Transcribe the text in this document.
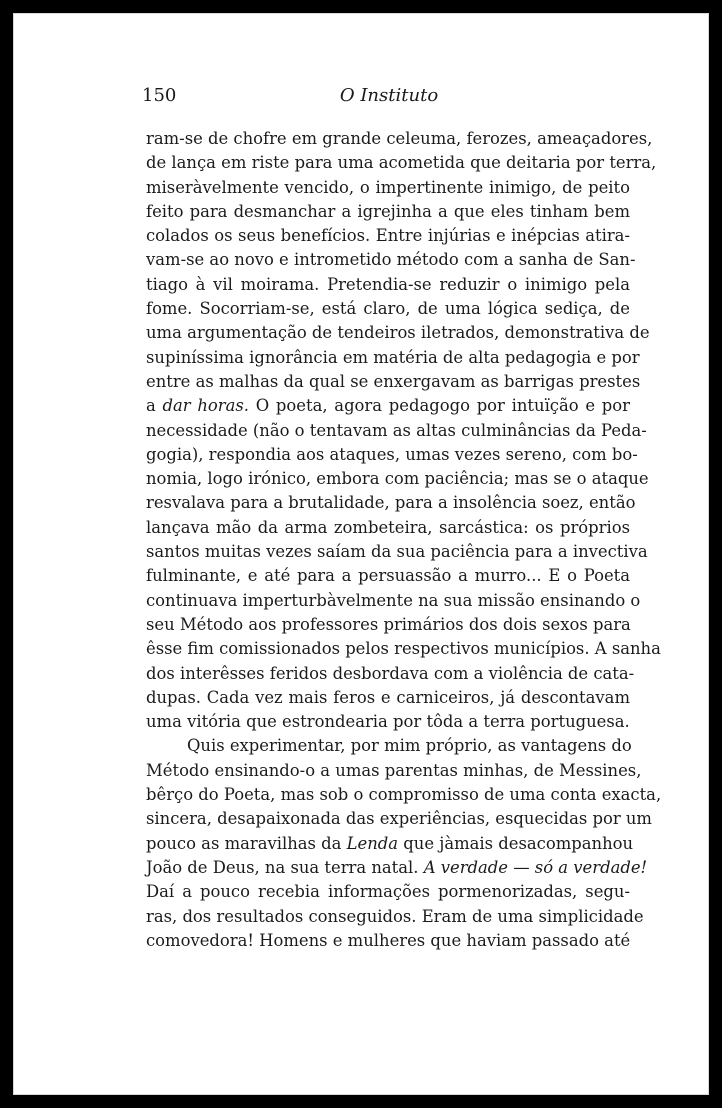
150	O Instituto
ram-se de chofre em grande celeuma, ferozes, ameaçadores,
de lança em riste para uma acometida que deitaria por terra,
miseràvelmente vencido, o impertinente inimigo, de peito
feito para desmanchar a igrejinha a que eles tinham bem
colados os seus benefícios. Entre injúrias e inépcias atira-
vam-se ao novo e intrometido método com a sanha de San-
tiago à vil moirama. Pretendia-se reduzir o inimigo pela
fome. Socorriam-se, está claro, de uma lógica sediça, de
uma argumentação de tendeiros iletrados, demonstrativa de
supiníssima ignorância em matéria de alta pedagogia e por
entre as malhas da qual se enxergavam as barrigas prestes
a dar horas. O poeta, agora pedagogo por intuïção e por
necessidade (não o tentavam as altas culminâncias da Peda-
gogia), respondia aos ataques, umas vezes sereno, com bo-
nomia, logo irónico, embora com paciência; mas se o ataque
resvalava para a brutalidade, para a insolência soez, então
lançava mão da arma zombeteira, sarcástica: os próprios
santos muitas vezes saíam da sua paciência para a invectiva
fulminante, e até para a persuassão a murro... E o Poeta
continuava imperturbàvelmente na sua missão ensinando o
seu Método aos professores primários dos dois sexos para
êsse fim comissionados pelos respectivos municípios. A sanha
dos interêsses feridos desbordava com a violência de cata-
dupas. Cada vez mais feros e carniceiros, já descontavam
uma vitória que estrondearia por tôda a terra portuguesa.
Quis experimentar, por mim próprio, as vantagens do
Método ensinando-o a umas parentas minhas, de Messines,
bêrço do Poeta, mas sob o compromisso de uma conta exacta,
sincera, desapaixonada das experiências, esquecidas por um
pouco as maravilhas da Lenda que jàmais desacompanhou
João de Deus, na sua terra natal. A verdade — só a verdade!
Daí a pouco recebia informações pormenorizadas, segu-
ras, dos resultados conseguidos. Eram de uma simplicidade
comovedora! Homens e mulheres que haviam passado até
